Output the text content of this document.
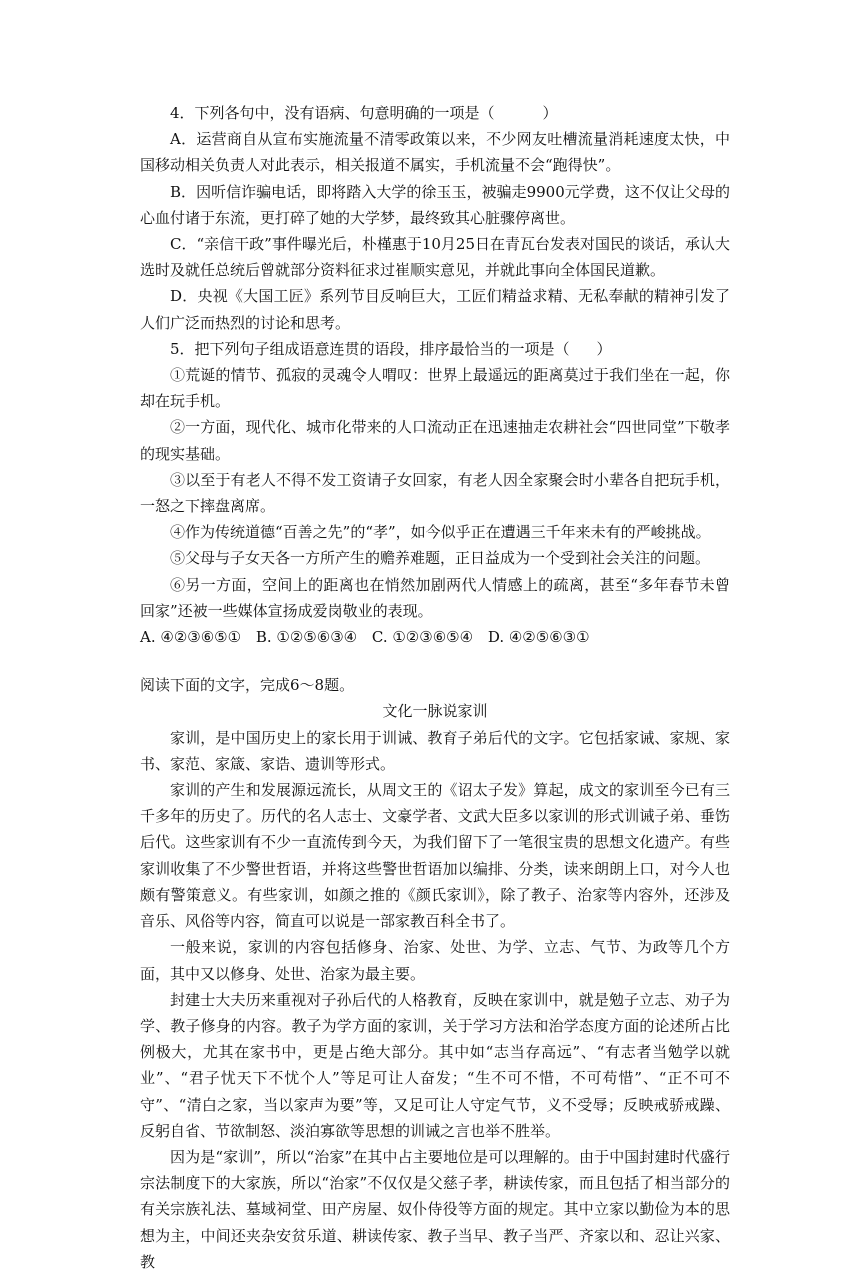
4．下列各句中，没有语病、句意明确的一项是（	）

A．运营商自从宣布实施流量不清零政策以来，不少网友吐槽流量消耗速度太快，中国移动相关负责人对此表示，相关报道不属实，手机流量不会“跑得快”。

B．因听信诈骗电话，即将踏入大学的徐玉玉，被骗走9900元学费，这不仅让父母的心血付诸于东流，更打碎了她的大学梦，最终致其心脏骤停离世。

C．“亲信干政”事件曝光后，朴槿惠于10月25日在青瓦台发表对国民的谈话，承认大选时及就任总统后曾就部分资料征求过崔顺实意见，并就此事向全体国民道歉。

D．央视《大国工匠》系列节目反响巨大，工匠们精益求精、无私奉献的精神引发了人们广泛而热烈的讨论和思考。

5．把下列句子组成语意连贯的语段，排序最恰当的一项是（ ）

①荒诞的情节、孤寂的灵魂令人喟叹：世界上最遥远的距离莫过于我们坐在一起，你却在玩手机。

②一方面，现代化、城市化带来的人口流动正在迅速抽走农耕社会“四世同堂”下敬孝的现实基础。

③以至于有老人不得不发工资请子女回家，有老人因全家聚会时小辈各自把玩手机，一怒之下摔盘离席。

④作为传统道德“百善之先”的“孝”，如今似乎正在遭遇三千年来未有的严峻挑战。

⑤父母与子女天各一方所产生的赡养难题，正日益成为一个受到社会关注的问题。

⑥另一方面，空间上的距离也在悄然加剧两代人情感上的疏离，甚至“多年春节未曾回家”还被一些媒体宣扬成爱岗敬业的表现。

A. ④②③⑥⑤① B. ①②⑤⑥③④ C. ①②③⑥⑤④ D. ④②⑤⑥③①

阅读下面的文字，完成6～8题。

文化一脉说家训

家训，是中国历史上的家长用于训诫、教育子弟后代的文字。它包括家诫、家规、家书、家范、家箴、家诰、遗训等形式。

家训的产生和发展源远流长，从周文王的《诏太子发》算起，成文的家训至今已有三千多年的历史了。历代的名人志士、文豪学者、文武大臣多以家训的形式训诫子弟、垂饬后代。这些家训有不少一直流传到今天，为我们留下了一笔很宝贵的思想文化遗产。有些家训收集了不少警世哲语，并将这些警世哲语加以编排、分类，读来朗朗上口，对今人也颇有警策意义。有些家训，如颜之推的《颜氏家训》，除了教子、治家等内容外，还涉及音乐、风俗等内容，简直可以说是一部家教百科全书了。

一般来说，家训的内容包括修身、治家、处世、为学、立志、气节、为政等几个方面，其中又以修身、处世、治家为最主要。

封建士大夫历来重视对子孙后代的人格教育，反映在家训中，就是勉子立志、劝子为学、教子修身的内容。教子为学方面的家训，关于学习方法和治学态度方面的论述所占比例极大，尤其在家书中，更是占绝大部分。其中如“志当存高远”、“有志者当勉学以就业”、“君子忧天下不忧个人”等足可让人奋发；“生不可不惜，不可苟惜”、“正不可不守”、“清白之家，当以家声为要”等，又足可让人守定气节，义不受辱；反映戒骄戒躁、反躬自省、节欲制怒、淡泊寡欲等思想的训诫之言也举不胜举。

因为是“家训”，所以“治家”在其中占主要地位是可以理解的。由于中国封建时代盛行宗法制度下的大家族，所以“治家”不仅仅是父慈子孝，耕读传家，而且包括了相当部分的有关宗族礼法、墓域祠堂、田产房屋、奴仆侍役等方面的规定。其中立家以勤俭为本的思想为主，中间还夹杂安贫乐道、耕读传家、教子当早、教子当严、齐家以和、忍让兴家、教
